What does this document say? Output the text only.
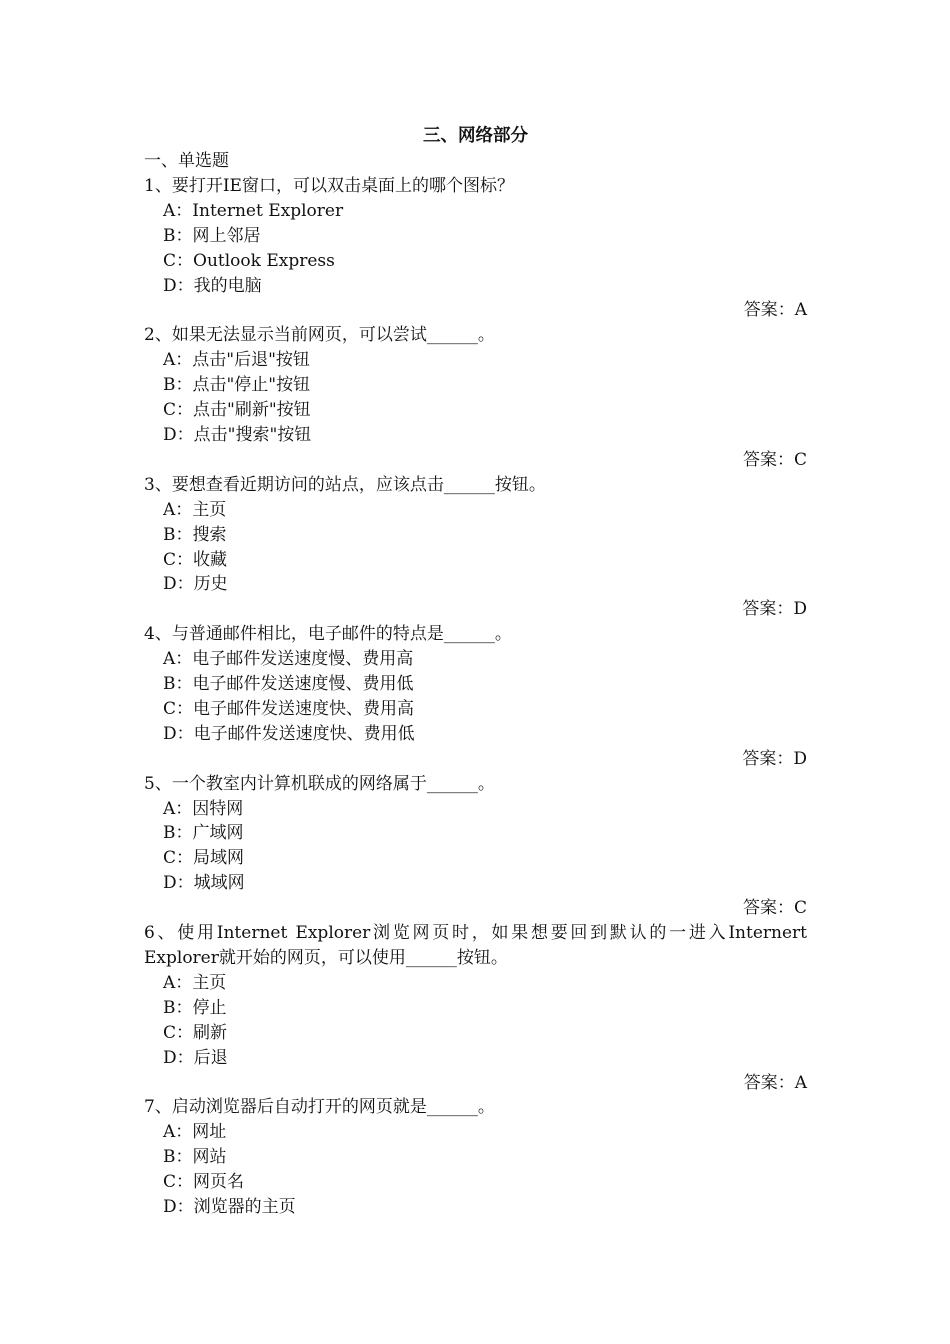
三、网络部分
一、单选题
1、要打开IE窗口，可以双击桌面上的哪个图标？
A：Internet Explorer
B：网上邻居
C：Outlook Express
D：我的电脑
答案：A
2、如果无法显示当前网页，可以尝试______。
A：点击"后退"按钮
B：点击"停止"按钮
C：点击"刷新"按钮
D：点击"搜索"按钮
答案：C
3、要想查看近期访问的站点，应该点击______按钮。
A：主页
B：搜索
C：收藏
D：历史
答案：D
4、与普通邮件相比，电子邮件的特点是______。
A：电子邮件发送速度慢、费用高
B：电子邮件发送速度慢、费用低
C：电子邮件发送速度快、费用高
D：电子邮件发送速度快、费用低
答案：D
5、一个教室内计算机联成的网络属于______。
A：因特网
B：广域网
C：局域网
D：城域网
答案：C
6、使用Internet Explorer浏览网页时，如果想要回到默认的一进入Internert Explorer就开始的网页，可以使用______按钮。
A：主页
B：停止
C：刷新
D：后退
答案：A
7、启动浏览器后自动打开的网页就是______。
A：网址
B：网站
C：网页名
D：浏览器的主页
